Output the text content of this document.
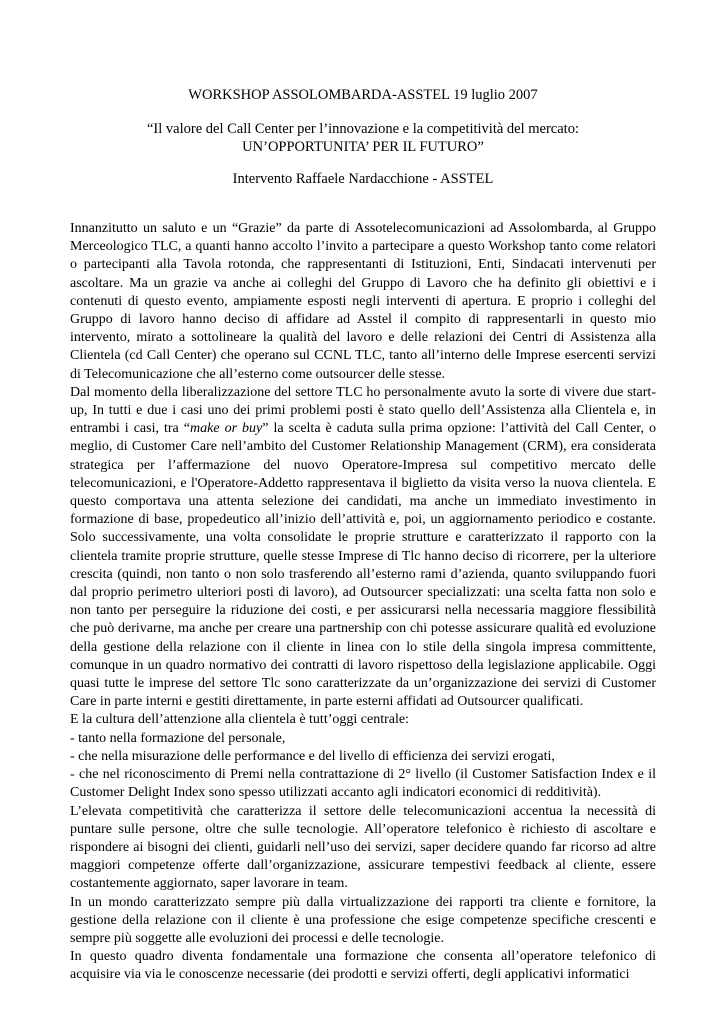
WORKSHOP ASSOLOMBARDA-ASSTEL 19 luglio 2007

“Il valore del Call Center per l’innovazione e la competitività del mercato:
UN’OPPORTUNITA’ PER IL FUTURO”

Intervento Raffaele Nardacchione - ASSTEL

Innanzitutto un saluto e un “Grazie” da parte di Assotelecomunicazioni ad Assolombarda, al Gruppo Merceologico TLC, a quanti hanno accolto l’invito a partecipare a questo Workshop tanto come relatori o partecipanti alla Tavola rotonda, che rappresentanti di Istituzioni, Enti, Sindacati intervenuti per ascoltare. Ma un grazie va anche ai colleghi del Gruppo di Lavoro che ha definito gli obiettivi e i contenuti di questo evento, ampiamente esposti negli interventi di apertura. E proprio i colleghi del Gruppo di lavoro hanno deciso di affidare ad Asstel il compito di rappresentarli in questo mio intervento, mirato a sottolineare la qualità del lavoro e delle relazioni dei Centri di Assistenza alla Clientela (cd Call Center) che operano sul CCNL TLC, tanto all’interno delle Imprese esercenti servizi di Telecomunicazione che all’esterno come outsourcer delle stesse.

Dal momento della liberalizzazione del settore TLC ho personalmente avuto la sorte di vivere due start-up, In tutti e due i casi uno dei primi problemi posti è stato quello dell’Assistenza alla Clientela e, in entrambi i casi, tra “make or buy” la scelta è caduta sulla prima opzione: l’attività del Call Center, o meglio, di Customer Care nell’ambito del Customer Relationship Management (CRM), era considerata strategica per l’affermazione del nuovo Operatore-Impresa sul competitivo mercato delle telecomunicazioni, e l'Operatore-Addetto rappresentava il biglietto da visita verso la nuova clientela. E questo comportava una attenta selezione dei candidati, ma anche un immediato investimento in formazione di base, propedeutico all’inizio dell’attività e, poi, un aggiornamento periodico e costante. Solo successivamente, una volta consolidate le proprie strutture e caratterizzato il rapporto con la clientela tramite proprie strutture, quelle stesse Imprese di Tlc hanno deciso di ricorrere, per la ulteriore crescita (quindi, non tanto o non solo trasferendo all’esterno rami d’azienda, quanto sviluppando fuori dal proprio perimetro ulteriori posti di lavoro), ad Outsourcer specializzati: una scelta fatta non solo e non tanto per perseguire la riduzione dei costi, e per assicurarsi nella necessaria maggiore flessibilità che può derivarne, ma anche per creare una partnership con chi potesse assicurare qualità ed evoluzione della gestione della relazione con il cliente in linea con lo stile della singola impresa committente, comunque in un quadro normativo dei contratti di lavoro rispettoso della legislazione applicabile. Oggi quasi tutte le imprese del settore Tlc sono caratterizzate da un’organizzazione dei servizi di Customer Care in parte interni e gestiti direttamente, in parte esterni affidati ad Outsourcer qualificati.

E la cultura dell’attenzione alla clientela è tutt’oggi centrale:

- tanto nella formazione del personale,

- che nella misurazione delle performance e del livello di efficienza dei servizi erogati,

- che nel riconoscimento di Premi nella contrattazione di 2° livello (il Customer Satisfaction Index e il Customer Delight Index sono spesso utilizzati accanto agli indicatori economici di redditività).

L’elevata competitività che caratterizza il settore delle telecomunicazioni accentua la necessità di puntare sulle persone, oltre che sulle tecnologie. All’operatore telefonico è richiesto di ascoltare e rispondere ai bisogni dei clienti, guidarli nell’uso dei servizi, saper decidere quando far ricorso ad altre maggiori competenze offerte dall’organizzazione, assicurare tempestivi feedback al cliente, essere costantemente aggiornato, saper lavorare in team.

In un mondo caratterizzato sempre più dalla virtualizzazione dei rapporti tra cliente e fornitore, la gestione della relazione con il cliente è una professione che esige competenze specifiche crescenti e sempre più soggette alle evoluzioni dei processi e delle tecnologie.

In questo quadro diventa fondamentale una formazione che consenta all’operatore telefonico di acquisire via via le conoscenze necessarie (dei prodotti e servizi offerti, degli applicativi informatici
